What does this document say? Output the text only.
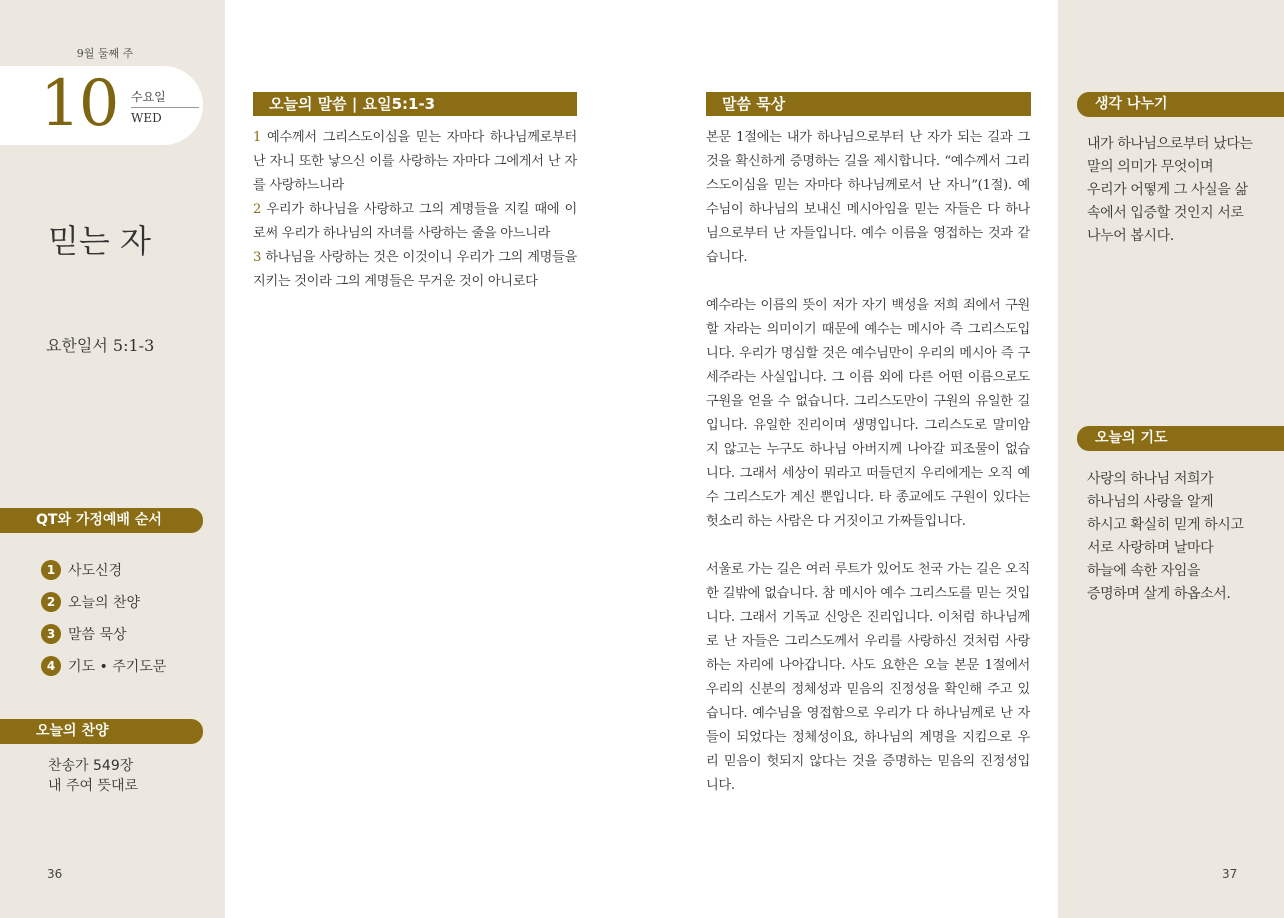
9월 둘째 주
10 수요일
WED
믿는 자
요한일서 5:1-3
QT와 가정예배 순서
1 사도신경
2 오늘의 찬양
3 말씀 묵상
4 기도 • 주기도문
오늘의 찬양
찬송가 549장
내 주여 뜻대로
36
오늘의 말씀 | 요일5:1-3
1 예수께서 그리스도이심을 믿는 자마다 하나님께로부터 난 자니 또한 낳으신 이를 사랑하는 자마다 그에게서 난 자를 사랑하느니라
2 우리가 하나님을 사랑하고 그의 계명들을 지킬 때에 이로써 우리가 하나님의 자녀를 사랑하는 줄을 아느니라
3 하나님을 사랑하는 것은 이것이니 우리가 그의 계명들을 지키는 것이라 그의 계명들은 무거운 것이 아니로다
말씀 묵상

본문 1절에는 내가 하나님으로부터 난 자가 되는 길과 그것을 확신하게 증명하는 길을 제시합니다. “예수께서 그리스도이심을 믿는 자마다 하나님께로서 난 자니”(1절). 예수님이 하나님의 보내신 메시아임을 믿는 자들은 다 하나님으로부터 난 자들입니다. 예수 이름을 영접하는 것과 같습니다.

예수라는 이름의 뜻이 저가 자기 백성을 저희 죄에서 구원할 자라는 의미이기 때문에 예수는 메시아 즉 그리스도입니다. 우리가 명심할 것은 예수님만이 우리의 메시아 즉 구세주라는 사실입니다. 그 이름 외에 다른 어떤 이름으로도 구원을 얻을 수 없습니다. 그리스도만이 구원의 유일한 길입니다. 유일한 진리이며 생명입니다. 그리스도로 말미암지 않고는 누구도 하나님 아버지께 나아갈 피조물이 없습니다. 그래서 세상이 뭐라고 떠들던지 우리에게는 오직 예수 그리스도가 계신 뿐입니다. 타 종교에도 구원이 있다는 헛소리 하는 사람은 다 거짓이고 가짜들입니다.

서울로 가는 길은 여러 루트가 있어도 천국 가는 길은 오직 한 길밖에 없습니다. 참 메시아 예수 그리스도를 믿는 것입니다. 그래서 기독교 신앙은 진리입니다. 이처럼 하나님께로 난 자들은 그리스도께서 우리를 사랑하신 것처럼 사랑하는 자리에 나아갑니다. 사도 요한은 오늘 본문 1절에서 우리의 신분의 정체성과 믿음의 진정성을 확인해 주고 있습니다. 예수님을 영접함으로 우리가 다 하나님께로 난 자들이 되었다는 정체성이요, 하나님의 계명을 지킴으로 우리 믿음이 헛되지 않다는 것을 증명하는 믿음의 진정성입니다.

생각 나누기
내가 하나님으로부터 났다는
말의 의미가 무엇이며
우리가 어떻게 그 사실을 삶
속에서 입증할 것인지 서로
나누어 봅시다.
오늘의 기도
사랑의 하나님 저희가
하나님의 사랑을 알게
하시고 확실히 믿게 하시고
서로 사랑하며 날마다
하늘에 속한 자임을
증명하며 살게 하옵소서.
37
